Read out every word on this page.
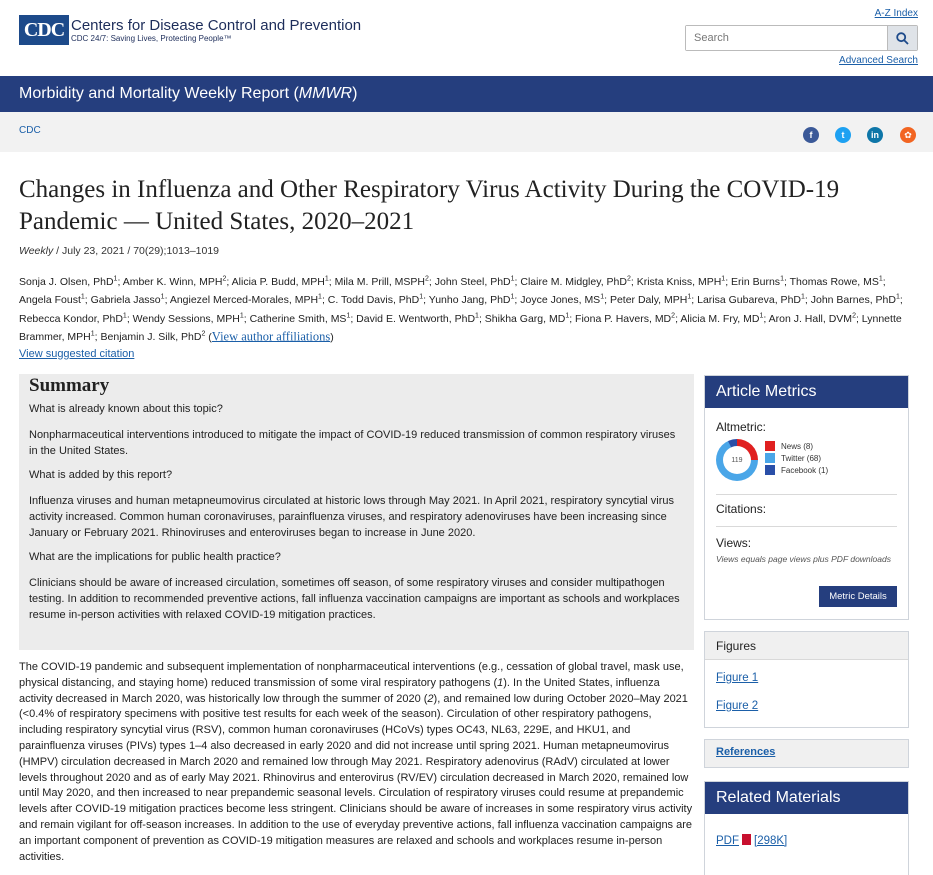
CDC Centers for Disease Control and Prevention
CDC 24/7: Saving Lives, Protecting People™
A-Z Index
Search
Advanced Search
Morbidity and Mortality Weekly Report (MMWR)
CDC	f	t	in	✿
Changes in Influenza and Other Respiratory Virus Activity During the COVID-19 Pandemic — United States, 2020–2021
Weekly / July 23, 2021 / 70(29);1013–1019
Sonja J. Olsen, PhD$^1$; Amber K. Winn, MPH$^2$; Alicia P. Budd, MPH$^1$; Mila M. Prill, MSPH$^2$; John Steel, PhD$^1$; Claire M. Midgley, PhD$^2$; Krista Kniss, MPH$^1$; Erin Burns$^1$; Thomas Rowe, $MS^1$; Angela Foust$^1$; Gabriela Jasso$^1$; Angiezel Merced-Morales, MPH$^1$; C. Todd Davis, PhD$^1$; Yunho Jang, PhD$^1$; Joyce Jones, $MS^1$; Peter Daly, MPH$^1$; Larisa Gubareva, PhD$^1$; John Barnes, PhD$^1$; Rebecca Kondor, PhD$^1$; Wendy Sessions, MPH$^1$; Catherine Smith, $MS^1$; David E. Wentworth, PhD$^1$; Shikha Garg, $MD^1$; Fiona P. Havers, $MD^2$; Alicia M. Fry, $MD^1$; Aron J. Hall, DVM$^2$; Lynnette Brammer, MPH$^1$; Benjamin J. Silk, PhD$^2$ (View author affiliations)
View suggested citation
Summary
What is already known about this topic?
Nonpharmaceutical interventions introduced to mitigate the impact of COVID-19 reduced transmission of common respiratory viruses in the United States.
What is added by this report?
Influenza viruses and human metapneumovirus circulated at historic lows through May 2021. In April 2021, respiratory syncytial virus activity increased. Common human coronaviruses, parainfluenza viruses, and respiratory adenoviruses have been increasing since January or February 2021. Rhinoviruses and enteroviruses began to increase in June 2020.
What are the implications for public health practice?
Clinicians should be aware of increased circulation, sometimes off season, of some respiratory viruses and consider multipathogen testing. In addition to recommended preventive actions, fall influenza vaccination campaigns are important as schools and workplaces resume in-person activities with relaxed COVID-19 mitigation practices.
The COVID-19 pandemic and subsequent implementation of nonpharmaceutical interventions (e.g., cessation of global travel, mask use, physical distancing, and staying home) reduced transmission of some viral respiratory pathogens (1). In the United States, influenza activity decreased in March 2020, was historically low through the summer of 2020 (2), and remained low during October 2020–May 2021 (<0.4% of respiratory specimens with positive test results for each week of the season). Circulation of other respiratory pathogens, including respiratory syncytial virus (RSV), common human coronaviruses (HCoVs) types OC43, NL63, 229E, and HKU1, and parainfluenza viruses (PIVs) types 1–4 also decreased in early 2020 and did not increase until spring 2021. Human metapneumovirus (HMPV) circulation decreased in March 2020 and remained low through May 2021. Respiratory adenovirus (RAdV) circulated at lower levels throughout 2020 and as of early May 2021. Rhinovirus and enterovirus (RV/EV) circulation decreased in March 2020, remained low until May 2020, and then increased to near prepandemic seasonal levels. Circulation of respiratory viruses could resume at prepandemic levels after COVID-19 mitigation practices become less stringent. Clinicians should be aware of increases in some respiratory virus activity and remain vigilant for off-season increases. In addition to the use of everyday preventive actions, fall influenza vaccination campaigns are an important component of prevention as COVID-19 mitigation measures are relaxed and schools and workplaces resume in-person activities.
Article Metrics
Altmetric:
119
News (8)
Twitter (68)
Facebook (1)
Citations:
Views:
Views equals page views plus PDF downloads
Metric Details
Figures
Figure 1
Figure 2
References
Related Materials
PDF [298K]
